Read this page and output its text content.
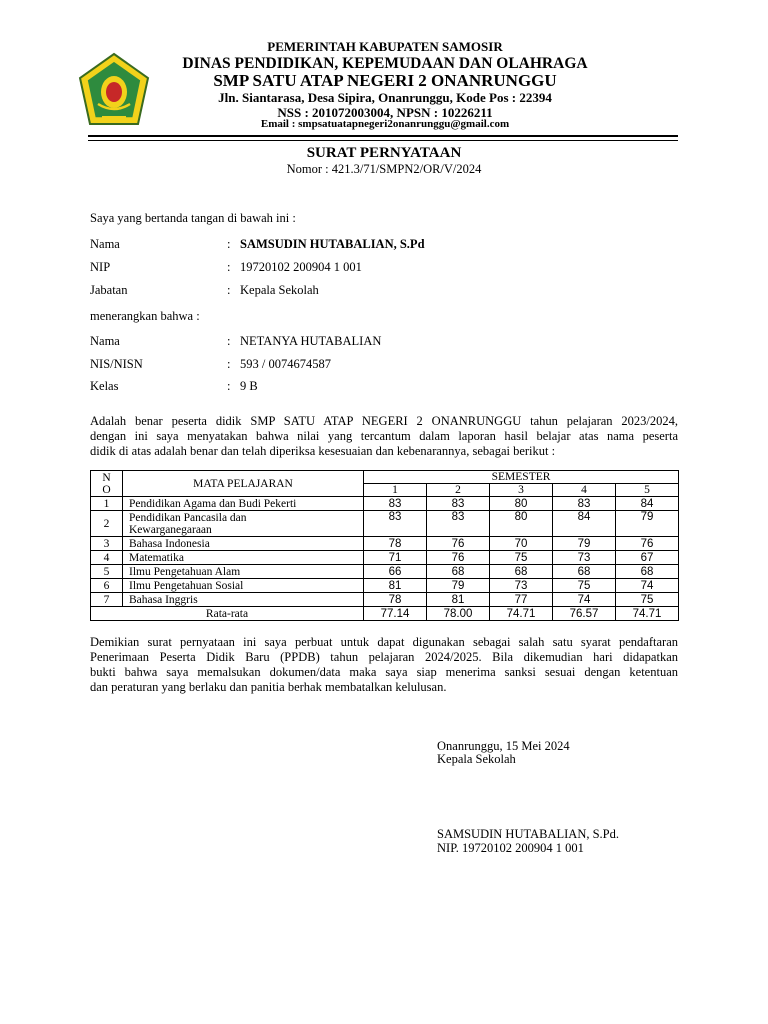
PEMERINTAH KABUPATEN SAMOSIR
DINAS PENDIDIKAN, KEPEMUDAAN DAN OLAHRAGA
SMP SATU ATAP NEGERI 2 ONANRUNGGU
Jln. Siantarasa, Desa Sipira, Onanrunggu, Kode Pos : 22394
NSS : 201072003004, NPSN : 10226211
Email : smpsatuatapnegeri2onanrunggu@gmail.com
SURAT PERNYATAAN
Nomor : 421.3/71/SMPN2/OR/V/2024
Saya yang bertanda tangan di bawah ini :
Nama	: SAMSUDIN HUTABALIAN, S.Pd
NIP	: 19720102 200904 1 001
Jabatan	: Kepala Sekolah
menerangkan bahwa :
Nama	: NETANYA HUTABALIAN
NIS/NISN	: 593 / 0074674587
Kelas	: 9 B
Adalah benar peserta didik SMP SATU ATAP NEGERI 2 ONANRUNGGU tahun pelajaran 2023/2024,
dengan ini saya menyatakan bahwa nilai yang tercantum dalam laporan hasil belajar atas nama peserta
didik di atas adalah benar dan telah diperiksa kesesuaian dan kebenarannya, sebagai berikut :
N
O	MATA PELAJARAN	SEMESTER				
		1	2	3	4	5
1	Pendidikan Agama dan Budi Pekerti	83	83	80	83	84
2	Pendidikan Pancasila dan
Kewarganegaraan	83	83	80	84	79
3	Bahasa Indonesia	78	76	70	79	76
4	Matematika	71	76	75	73	67
5	Ilmu Pengetahuan Alam	66	68	68	68	68
6	Ilmu Pengetahuan Sosial	81	79	73	75	74
7	Bahasa Inggris	78	81	77	74	75
Rata-rata		77.14	78.00	74.71	76.57	74.71
Demikian surat pernyataan ini saya perbuat untuk dapat digunakan sebagai salah satu syarat pendaftaran
Penerimaan Peserta Didik Baru (PPDB) tahun pelajaran 2024/2025. Bila dikemudian hari didapatkan
bukti bahwa saya memalsukan dokumen/data maka saya siap menerima sanksi sesuai dengan ketentuan
dan peraturan yang berlaku dan panitia berhak membatalkan kelulusan.
Onanrunggu, 15 Mei 2024
Kepala Sekolah
SAMSUDIN HUTABALIAN, S.Pd.
NIP. 19720102 200904 1 001
